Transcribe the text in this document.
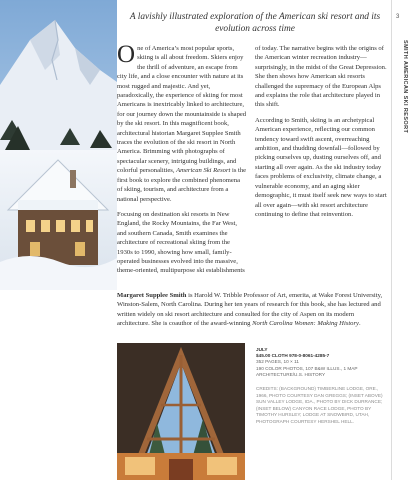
3
SMITH AMERICAN SKI RESORT
A lavishly illustrated exploration of the American ski resort and its evolution across time

One of America’s most popular sports, skiing is all about freedom. Skiers enjoy the thrill of adventure, an escape from city life, and a close encounter with nature at its most rugged and majestic. And yet, paradoxically, the experience of skiing for most Americans is inextricably linked to architecture, for our journey down the mountainside is shaped by the ski resort. In this magnificent book, architectural historian Margaret Supplee Smith traces the evolution of the ski resort in North America. Brimming with photographs of spectacular scenery, intriguing buildings, and colorful personalities, American Ski Resort is the first book to explore the combined phenomena of skiing, tourism, and architecture from a national perspective.

Focusing on destination ski resorts in New England, the Rocky Mountains, the Far West, and southern Canada, Smith examines the architecture of recreational skiing from the 1930s to 1990, showing how small, family-operated businesses evolved into the massive, theme-oriented, multipurpose ski establishments

of today. The narrative begins with the origins of the American winter recreation industry—surprisingly, in the midst of the Great Depression. She then shows how American ski resorts challenged the supremacy of the European Alps and explains the role that architecture played in this shift.

According to Smith, skiing is an archetypical American experience, reflecting our common tendency toward swift ascent, overreaching ambition, and thudding downfall—followed by picking ourselves up, dusting ourselves off, and starting all over again. As the ski industry today faces problems of exclusivity, climate change, a vulnerable economy, and an aging skier demographic, it must itself seek new ways to start all over again—with ski resort architecture continuing to define that reinvention.

Margaret Supplee Smith is Harold W. Tribble Professor of Art, emerita, at Wake Forest University, Winston-Salem, North Carolina. During her ten years of research for this book, she has lectured and written widely on ski resort architecture and consulted for the city of Aspen on its modern architecture. She is coauthor of the award-winning North Carolina Women: Making History.
JULY
$45.00 CLOTH 978-0-8061-4285-7
352 PAGES, 10 × 11
190 COLOR PHOTOS, 107 B&W ILLUS., 1 MAP
ARCHITECTURE/U.S. HISTORY
CREDITS: (BACKGROUND) TIMBERLINE LODGE, ORE., 1966, PHOTO COURTESY DAN GREGGS; (INSET ABOVE) SUN VALLEY LODGE, IDA., PHOTO BY DICK DURRANCE; (INSET BELOW) CANYON RACE LODGE, PHOTO BY TIMOTHY HURSLEY; LODGE AT SNOWBIRD, UTAH, PHOTOGRAPH COURTESY HERSHEL HELL.
